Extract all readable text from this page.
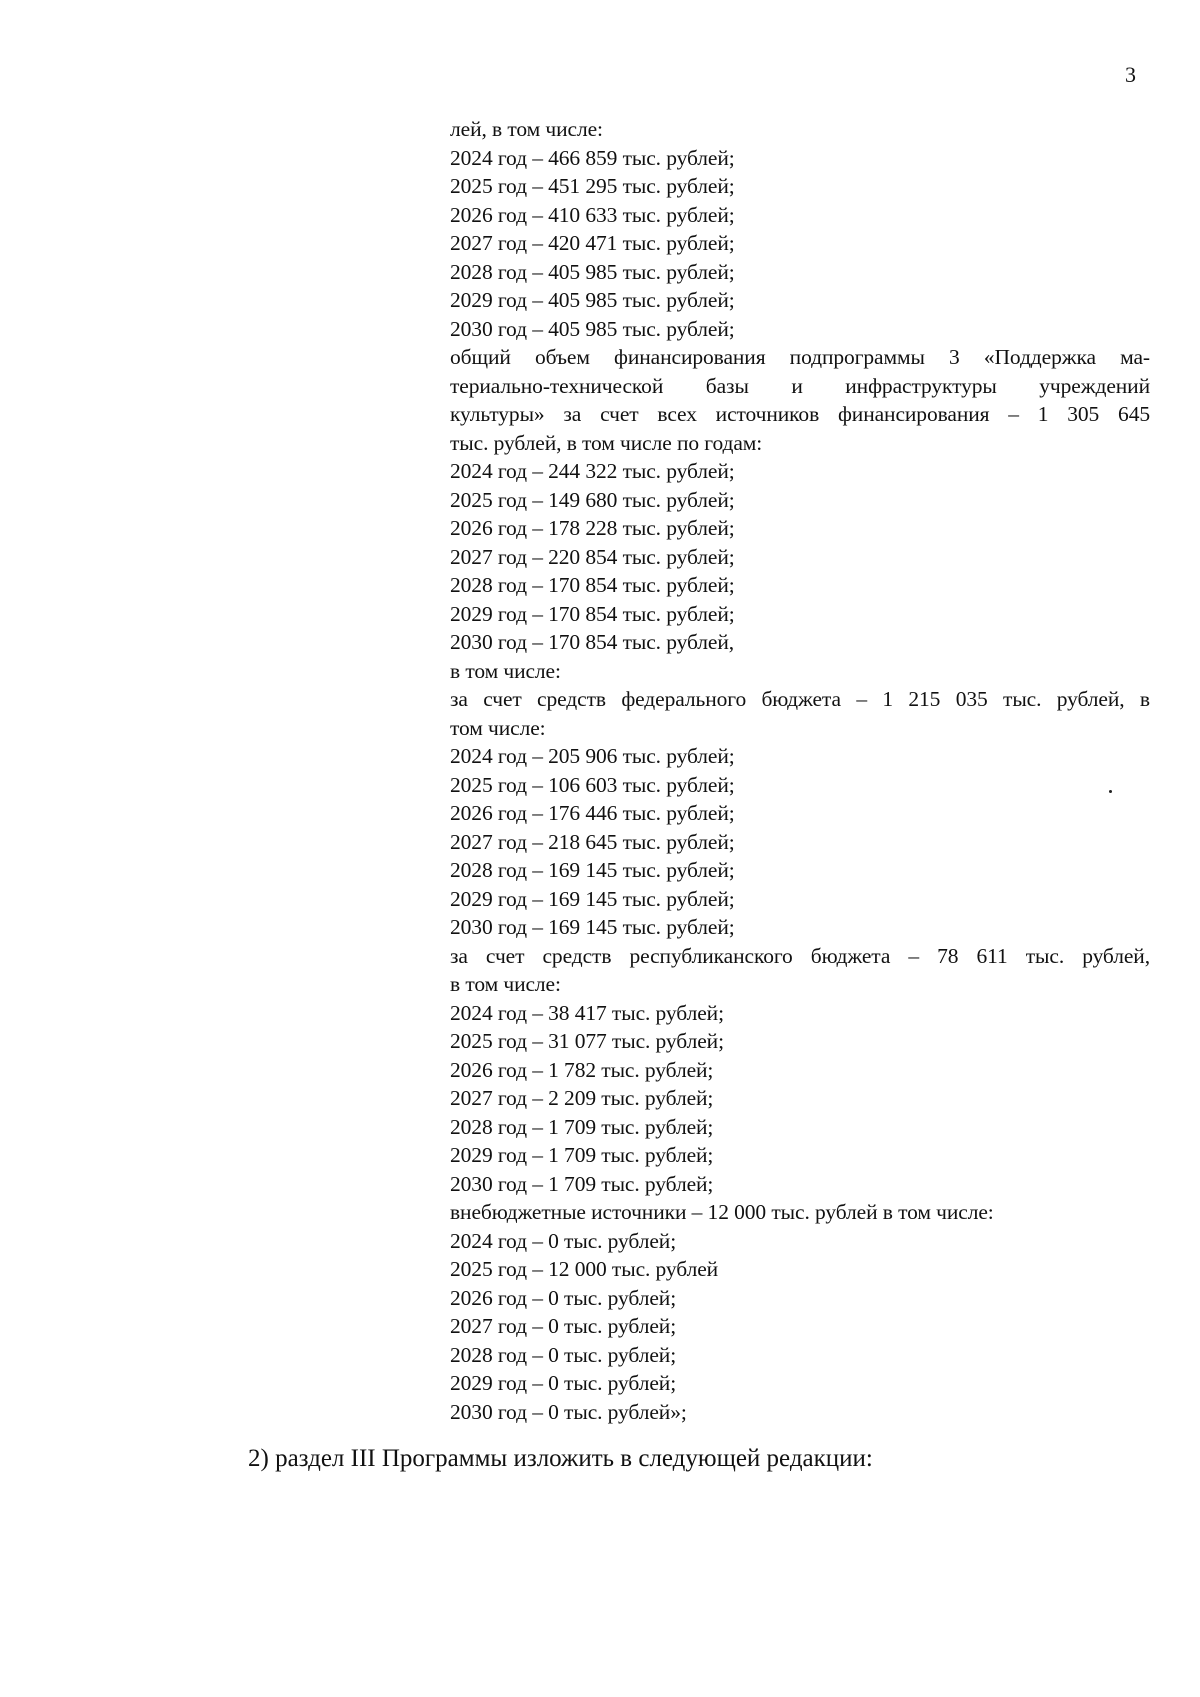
3
лей, в том числе:
2024 год – 466 859 тыс. рублей;
2025 год – 451 295 тыс. рублей;
2026 год – 410 633 тыс. рублей;
2027 год – 420 471 тыс. рублей;
2028 год – 405 985 тыс. рублей;
2029 год – 405 985 тыс. рублей;
2030 год – 405 985 тыс. рублей;
общий объем финансирования подпрограммы 3 «Поддержка ма-
териально-технической базы и инфраструктуры учреждений
культуры» за счет всех источников финансирования – 1 305 645
тыс. рублей, в том числе по годам:
2024 год – 244 322 тыс. рублей;
2025 год – 149 680 тыс. рублей;
2026 год – 178 228 тыс. рублей;
2027 год – 220 854 тыс. рублей;
2028 год – 170 854 тыс. рублей;
2029 год – 170 854 тыс. рублей;
2030 год – 170 854 тыс. рублей,
в том числе:
за счет средств федерального бюджета – 1 215 035 тыс. рублей, в
том числе:
2024 год – 205 906 тыс. рублей;
2025 год – 106 603 тыс. рублей;
2026 год – 176 446 тыс. рублей;
2027 год – 218 645 тыс. рублей;
2028 год – 169 145 тыс. рублей;
2029 год – 169 145 тыс. рублей;
2030 год – 169 145 тыс. рублей;
за счет средств республиканского бюджета – 78 611 тыс. рублей,
в том числе:
2024 год – 38 417 тыс. рублей;
2025 год – 31 077 тыс. рублей;
2026 год – 1 782 тыс. рублей;
2027 год – 2 209 тыс. рублей;
2028 год – 1 709 тыс. рублей;
2029 год – 1 709 тыс. рублей;
2030 год – 1 709 тыс. рублей;
внебюджетные источники – 12 000 тыс. рублей в том числе:
2024 год – 0 тыс. рублей;
2025 год – 12 000 тыс. рублей
2026 год – 0 тыс. рублей;
2027 год – 0 тыс. рублей;
2028 год – 0 тыс. рублей;
2029 год – 0 тыс. рублей;
2030 год – 0 тыс. рублей»;
2) раздел III Программы изложить в следующей редакции:
